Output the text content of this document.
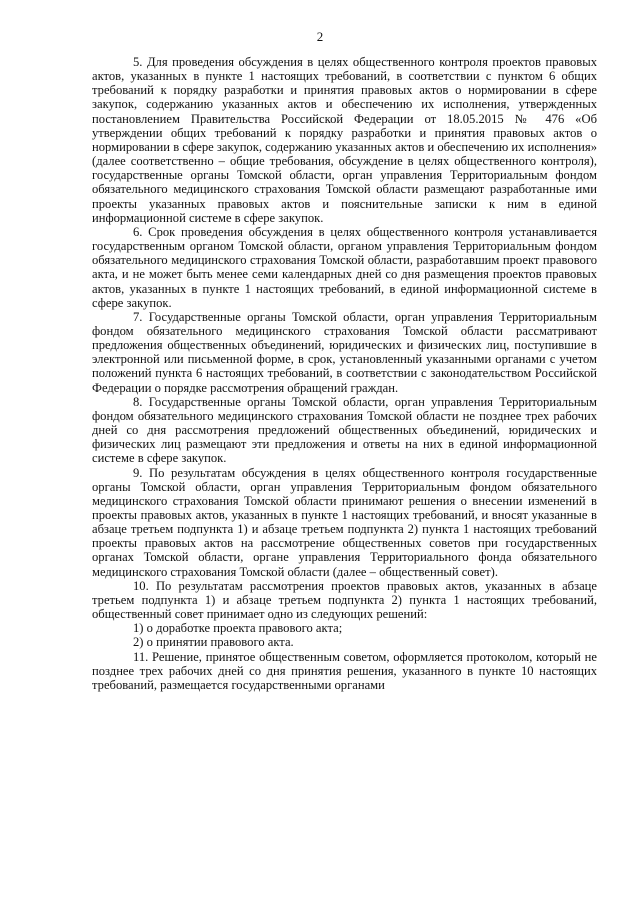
2

5. Для проведения обсуждения в целях общественного контроля проектов правовых актов, указанных в пункте 1 настоящих требований, в соответствии с пунктом 6 общих требований к порядку разработки и принятия правовых актов о нормировании в сфере закупок, содержанию указанных актов и обеспечению их исполнения, утвержденных постановлением Правительства Российской Федерации от 18.05.2015 № 476 «Об утверждении общих требований к порядку разработки и принятия правовых актов о нормировании в сфере закупок, содержанию указанных актов и обеспечению их исполнения» (далее соответственно – общие требования, обсуждение в целях общественного контроля), государственные органы Томской области, орган управления Территориальным фондом обязательного медицинского страхования Томской области размещают разработанные ими проекты указанных правовых актов и пояснительные записки к ним в единой информационной системе в сфере закупок.

6. Срок проведения обсуждения в целях общественного контроля устанавливается государственным органом Томской области, органом управления Территориальным фондом обязательного медицинского страхования Томской области, разработавшим проект правового акта, и не может быть менее семи календарных дней со дня размещения проектов правовых актов, указанных в пункте 1 настоящих требований, в единой информационной системе в сфере закупок.

7. Государственные органы Томской области, орган управления Территориальным фондом обязательного медицинского страхования Томской области рассматривают предложения общественных объединений, юридических и физических лиц, поступившие в электронной или письменной форме, в срок, установленный указанными органами с учетом положений пункта 6 настоящих требований, в соответствии с законодательством Российской Федерации о порядке рассмотрения обращений граждан.

8. Государственные органы Томской области, орган управления Территориальным фондом обязательного медицинского страхования Томской области не позднее трех рабочих дней со дня рассмотрения предложений общественных объединений, юридических и физических лиц размещают эти предложения и ответы на них в единой информационной системе в сфере закупок.

9. По результатам обсуждения в целях общественного контроля государственные органы Томской области, орган управления Территориальным фондом обязательного медицинского страхования Томской области принимают решения о внесении изменений в проекты правовых актов, указанных в пункте 1 настоящих требований, и вносят указанные в абзаце третьем подпункта 1) и абзаце третьем подпункта 2) пункта 1 настоящих требований проекты правовых актов на рассмотрение общественных советов при государственных органах Томской области, органе управления Территориального фонда обязательного медицинского страхования Томской области (далее – общественный совет).

10. По результатам рассмотрения проектов правовых актов, указанных в абзаце третьем подпункта 1) и абзаце третьем подпункта 2) пункта 1 настоящих требований, общественный совет принимает одно из следующих решений:

1) о доработке проекта правового акта;

2) о принятии правового акта.

11. Решение, принятое общественным советом, оформляется протоколом, который не позднее трех рабочих дней со дня принятия решения, указанного в пункте 10 настоящих требований, размещается государственными органами
